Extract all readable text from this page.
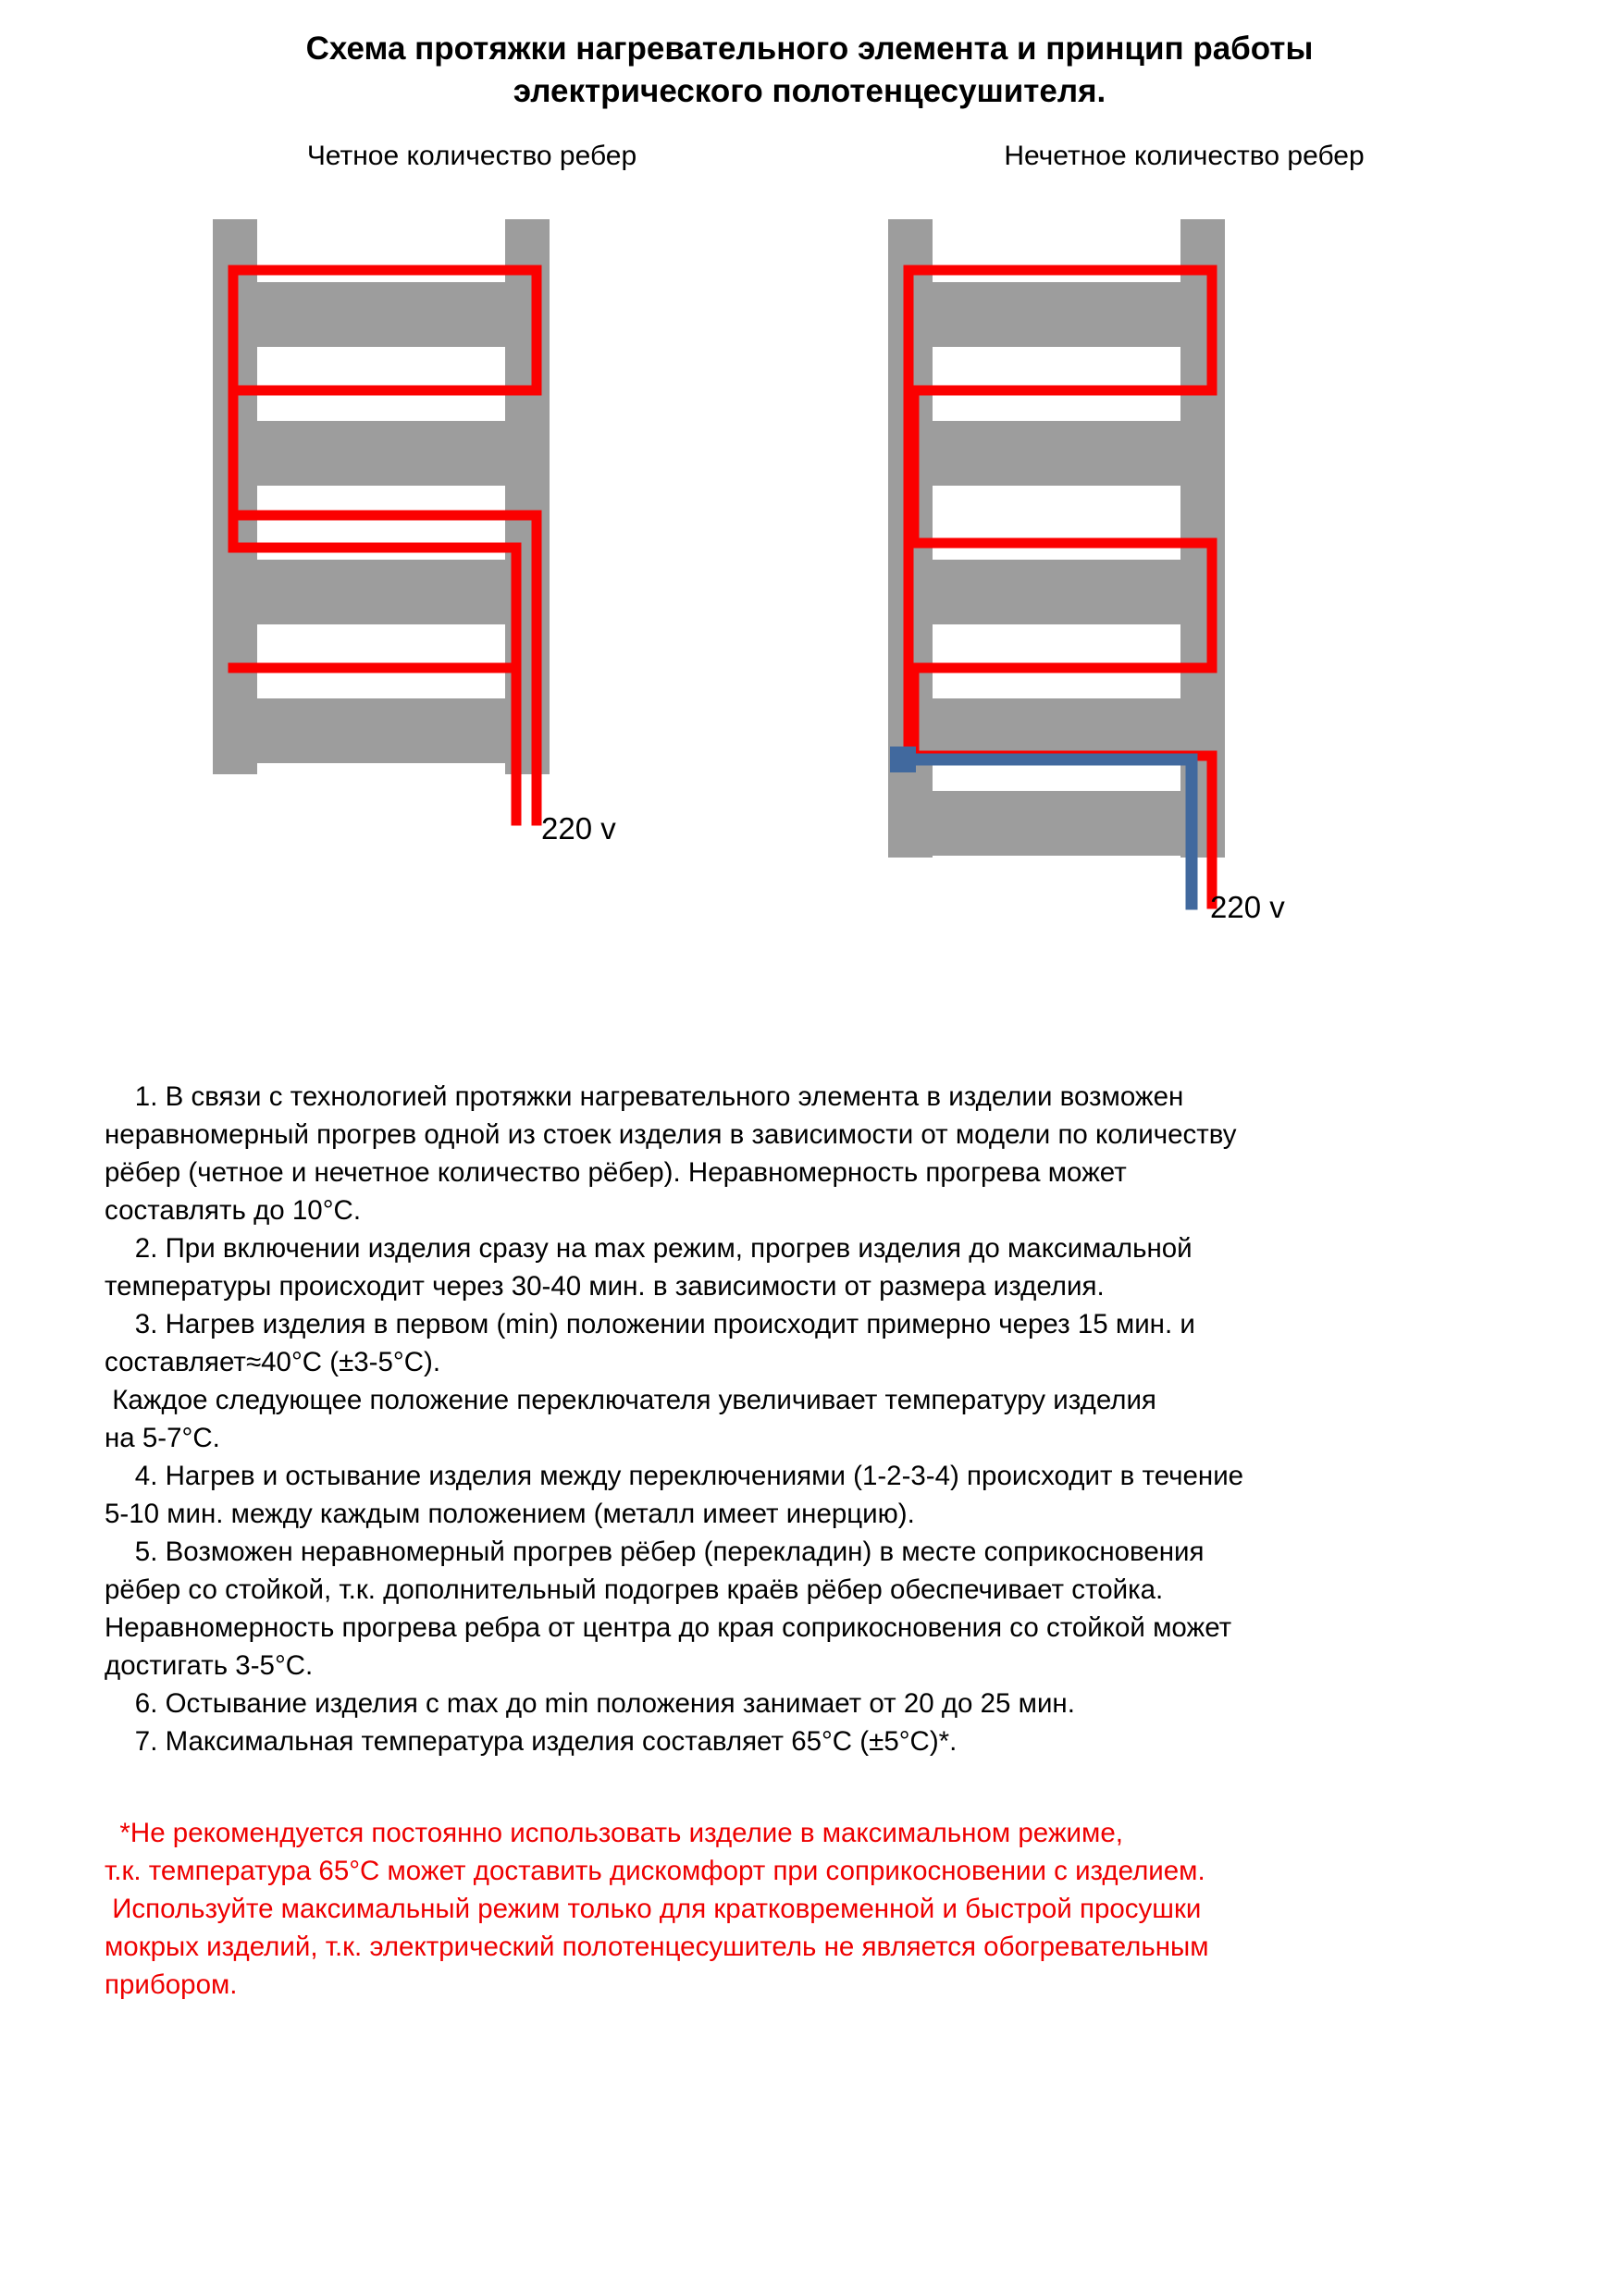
Схема протяжки нагревательного элемента и принцип работы
электрического полотенцесушителя.
Четное количество ребер
220 v
Нечетное количество ребер
220 v
1. В связи с технологией протяжки нагревательного элемента в изделии возможен
неравномерный прогрев одной из стоек изделия в зависимости от модели по количеству
рёбер (четное и нечетное количество рёбер). Неравномерность прогрева может
составлять до 10°C.
2. При включении изделия сразу на max режим, прогрев изделия до максимальной
температуры происходит через 30-40 мин. в зависимости от размера изделия.
3. Нагрев изделия в первом (min) положении происходит примерно через 15 мин. и
составляет≈40°C (±3-5°C).
Каждое следующее положение переключателя увеличивает температуру изделия
на 5-7°C.
4. Нагрев и остывание изделия между переключениями (1-2-3-4) происходит в течение
5-10 мин. между каждым положением (металл имеет инерцию).
5. Возможен неравномерный прогрев рёбер (перекладин) в месте соприкосновения
рёбер со стойкой, т.к. дополнительный подогрев краёв рёбер обеспечивает стойка.
Неравномерность прогрева ребра от центра до края соприкосновения со стойкой может
достигать 3-5°C.
6. Остывание изделия с max до min положения занимает от 20 до 25 мин.
7. Максимальная температура изделия составляет 65°C (±5°C)*.
*Не рекомендуется постоянно использовать изделие в максимальном режиме,
т.к. температура 65°C может доставить дискомфорт при соприкосновении с изделием.
Используйте максимальный режим только для кратковременной и быстрой просушки
мокрых изделий, т.к. электрический полотенцесушитель не является обогревательным
прибором.
